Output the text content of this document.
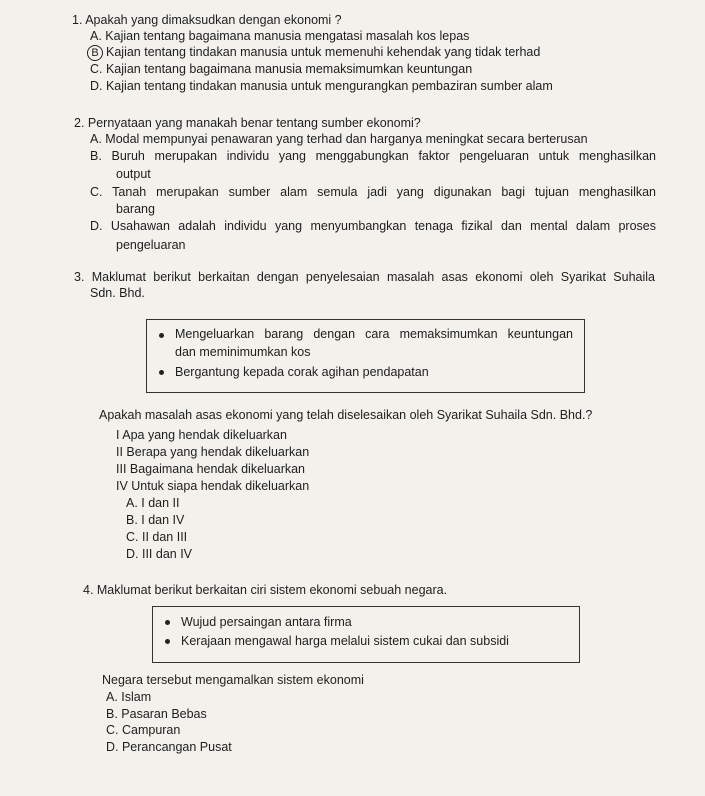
1. Apakah yang dimaksudkan dengan ekonomi ?
A. Kajian tentang bagaimana manusia mengatasi masalah kos lepas
B Kajian tentang tindakan manusia untuk memenuhi kehendak yang tidak terhad
C. Kajian tentang bagaimana manusia memaksimumkan keuntungan
D. Kajian tentang tindakan manusia untuk mengurangkan pembaziran sumber alam
2. Pernyataan yang manakah benar tentang sumber ekonomi?
A. Modal mempunyai penawaran yang terhad dan harganya meningkat secara berterusan
B. Buruh merupakan individu yang menggabungkan faktor pengeluaran untuk menghasilkan
output
C. Tanah merupakan sumber alam semula jadi yang digunakan bagi tujuan menghasilkan
barang
D. Usahawan adalah individu yang menyumbangkan tenaga fizikal dan mental dalam proses
pengeluaran
3. Maklumat berikut berkaitan dengan penyelesaian masalah asas ekonomi oleh Syarikat Suhaila
Sdn. Bhd.
Mengeluarkan barang dengan cara memaksimumkan keuntungan
dan meminimumkan kos
Bergantung kepada corak agihan pendapatan
Apakah masalah asas ekonomi yang telah diselesaikan oleh Syarikat Suhaila Sdn. Bhd.?
I Apa yang hendak dikeluarkan
II Berapa yang hendak dikeluarkan
III Bagaimana hendak dikeluarkan
IV Untuk siapa hendak dikeluarkan
A. I dan II
B. I dan IV
C. II dan III
D. III dan IV
4. Maklumat berikut berkaitan ciri sistem ekonomi sebuah negara.
Wujud persaingan antara firma
Kerajaan mengawal harga melalui sistem cukai dan subsidi
Negara tersebut mengamalkan sistem ekonomi
A. Islam
B. Pasaran Bebas
C. Campuran
D. Perancangan Pusat
